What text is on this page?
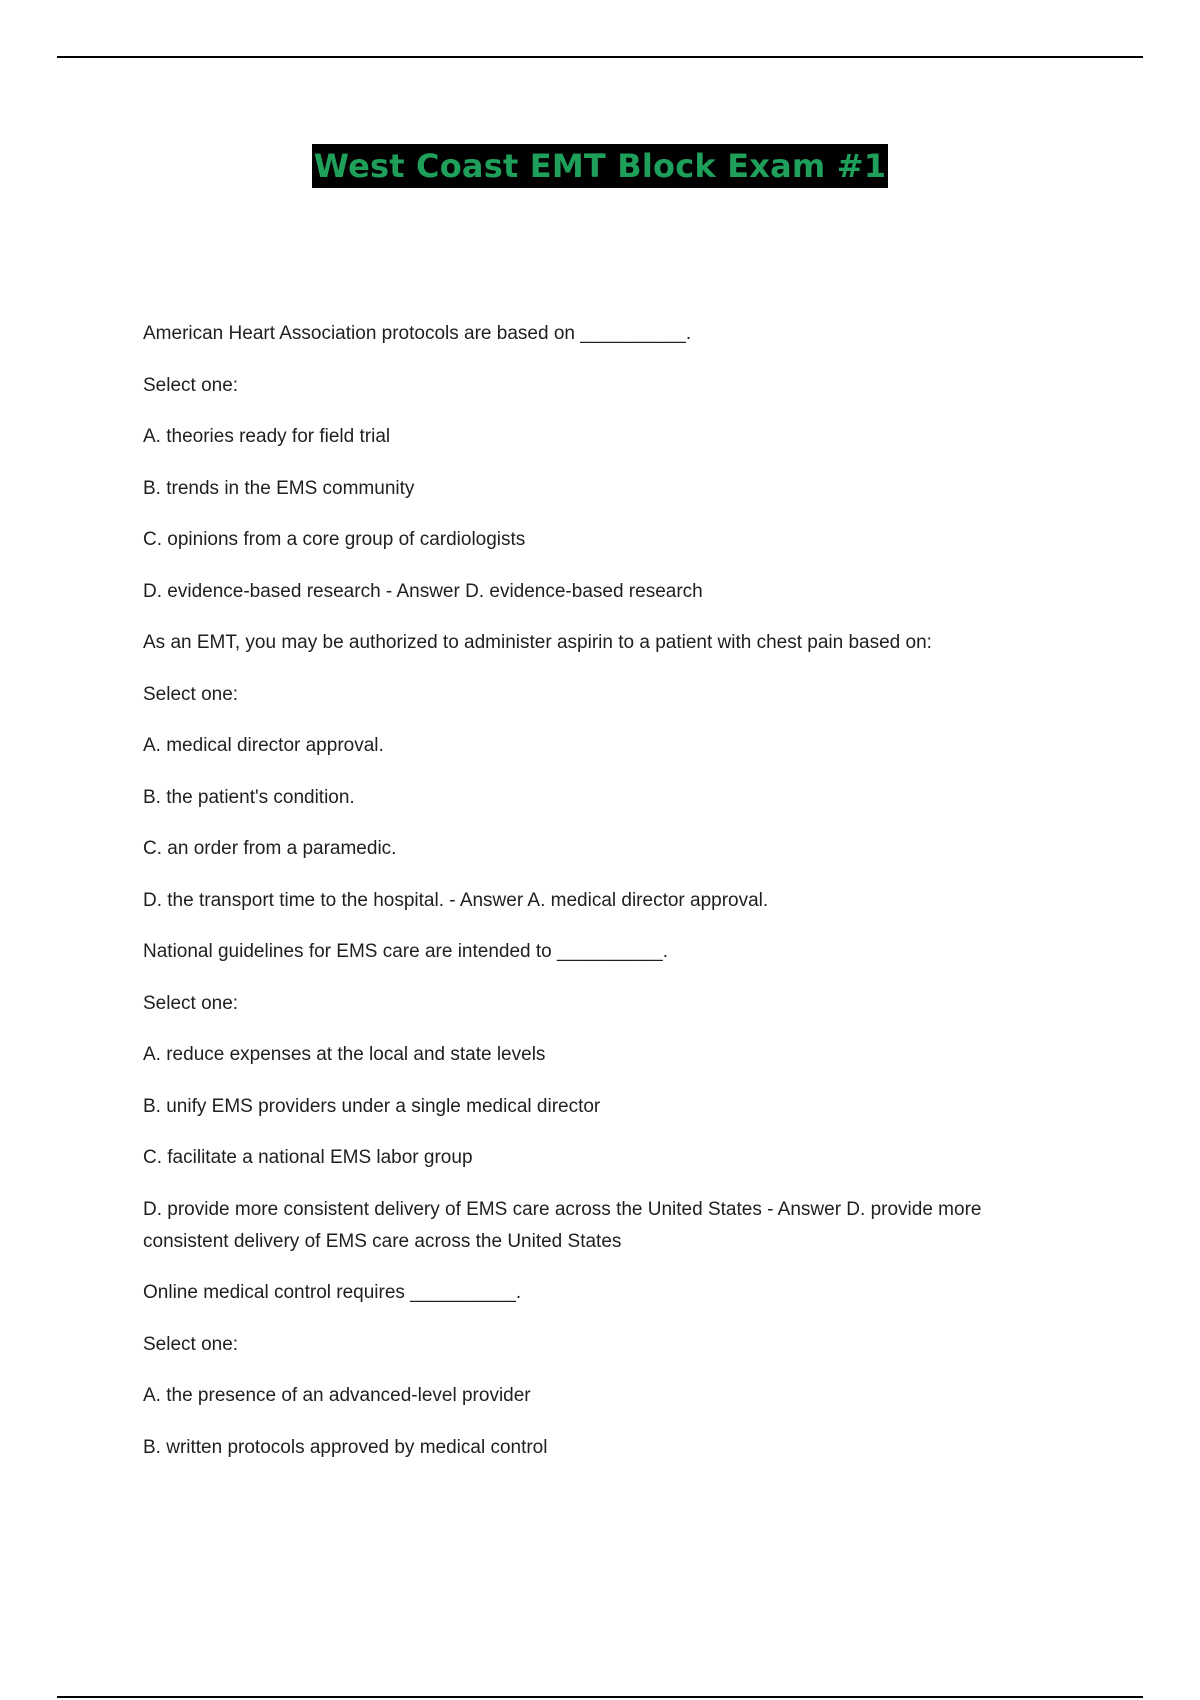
West Coast EMT Block Exam #1
American Heart Association protocols are based on __________.
Select one:
A. theories ready for field trial
B. trends in the EMS community
C. opinions from a core group of cardiologists
D. evidence-based research - Answer D. evidence-based research
As an EMT, you may be authorized to administer aspirin to a patient with chest pain based on:
Select one:
A. medical director approval.
B. the patient's condition.
C. an order from a paramedic.
D. the transport time to the hospital. - Answer A. medical director approval.
National guidelines for EMS care are intended to __________.
Select one:
A. reduce expenses at the local and state levels
B. unify EMS providers under a single medical director
C. facilitate a national EMS labor group
D. provide more consistent delivery of EMS care across the United States - Answer D. provide more consistent delivery of EMS care across the United States
Online medical control requires __________.
Select one:
A. the presence of an advanced-level provider
B. written protocols approved by medical control
